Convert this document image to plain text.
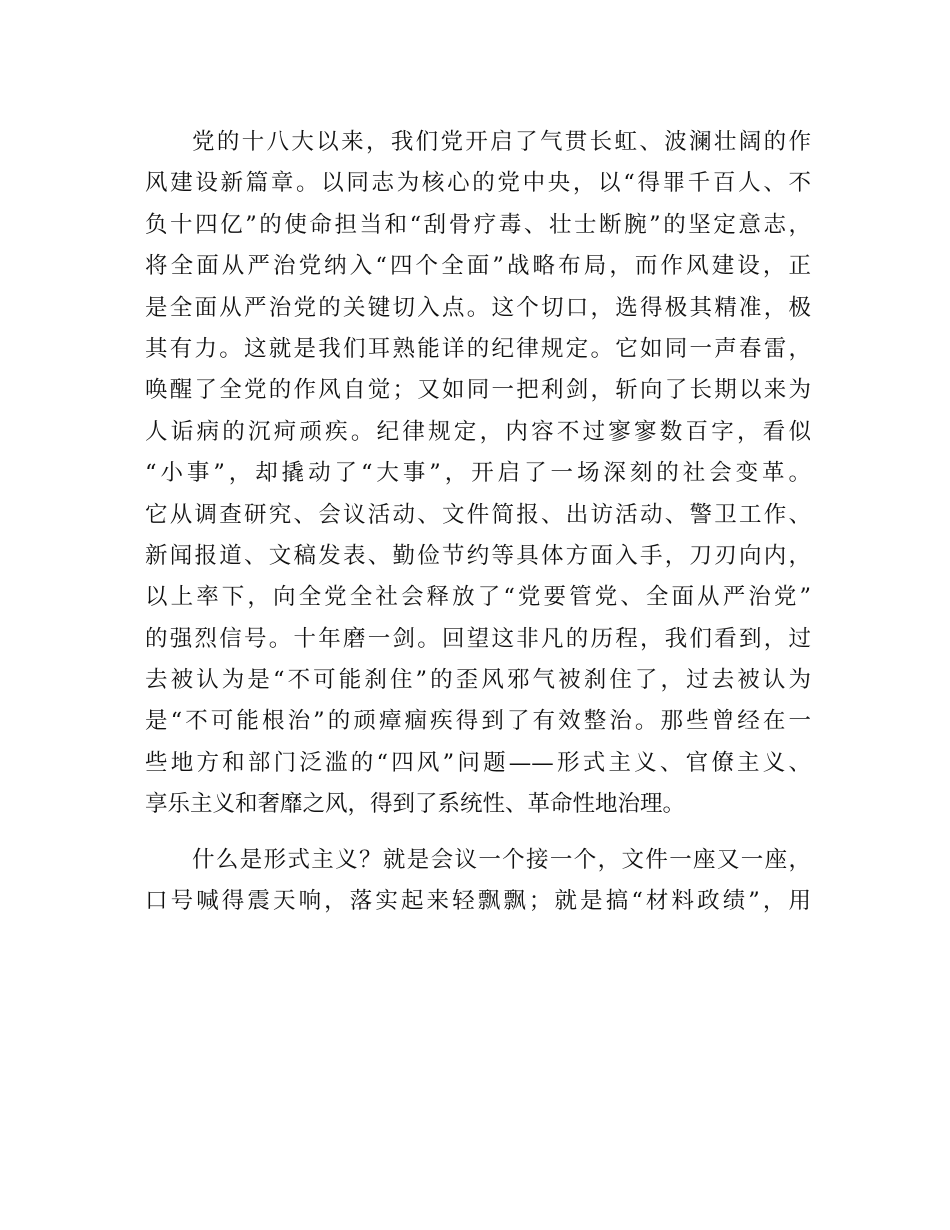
党的十八大以来，我们党开启了气贯长虹、波澜壮阔的作
风建设新篇章。以同志为核心的党中央，以“得罪千百人、不
负十四亿”的使命担当和“刮骨疗毒、壮士断腕”的坚定意志，
将全面从严治党纳入“四个全面”战略布局，而作风建设，正
是全面从严治党的关键切入点。这个切口，选得极其精准，极
其有力。这就是我们耳熟能详的纪律规定。它如同一声春雷，
唤醒了全党的作风自觉；又如同一把利剑，斩向了长期以来为
人诟病的沉疴顽疾。纪律规定，内容不过寥寥数百字，看似
“小事”，却撬动了“大事”，开启了一场深刻的社会变革。
它从调查研究、会议活动、文件简报、出访活动、警卫工作、
新闻报道、文稿发表、勤俭节约等具体方面入手，刀刃向内，
以上率下，向全党全社会释放了“党要管党、全面从严治党”
的强烈信号。十年磨一剑。回望这非凡的历程，我们看到，过
去被认为是“不可能刹住”的歪风邪气被刹住了，过去被认为
是“不可能根治”的顽瘴痼疾得到了有效整治。那些曾经在一
些地方和部门泛滥的“四风”问题——形式主义、官僚主义、
享乐主义和奢靡之风，得到了系统性、革命性地治理。
什么是形式主义？就是会议一个接一个，文件一座又一座，
口号喊得震天响，落实起来轻飘飘；就是搞“材料政绩”，用
